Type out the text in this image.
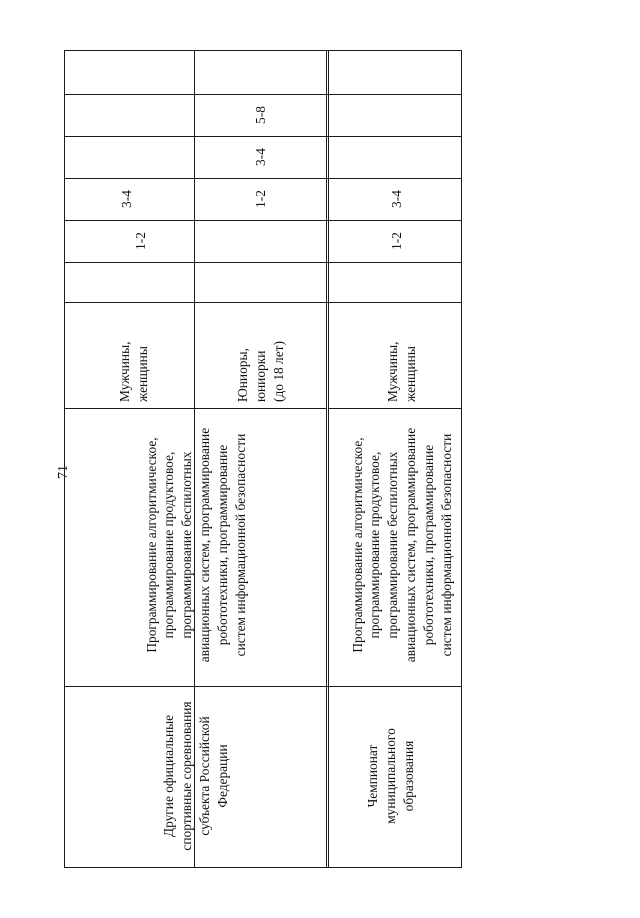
71
Другие официальные спортивные соревнования субъекта Российской Федерации
Программирование алгоритмическое, программирование продуктовое, программирование беспилотных авиационных систем, программирование робототехники, программирование систем информационной безопасности
Мужчины, женщины	Юниоры, юниорки (до 18 лет)
1-2
3-4	1-2
3-4
5-8
Чемпионат муниципального образования
Программирование алгоритмическое, программирование продуктовое, программирование беспилотных авиационных систем, программирование робототехники, программирование систем информационной безопасности
Мужчины, женщины
1-2
3-4
